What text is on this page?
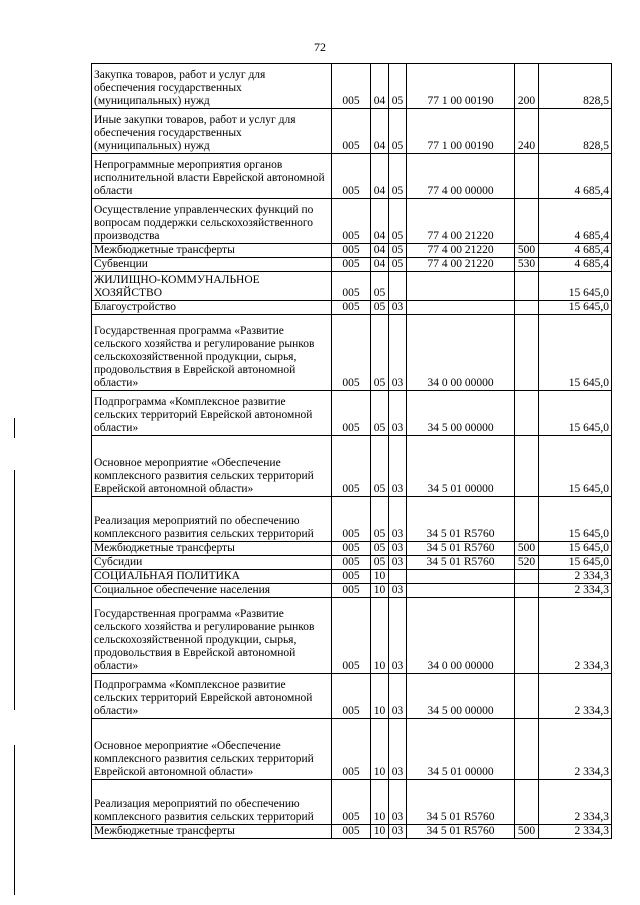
72
Закупка товаров, работ и услуг для обеспечения государственных (муниципальных) нужд	005	04	05	77 1 00 00190	200	828,5
Иные закупки товаров, работ и услуг для обеспечения государственных (муниципальных) нужд	005	04	05	77 1 00 00190	240	828,5
Непрограммные мероприятия органов исполнительной власти Еврейской автономной области	005	04	05	77 4 00 00000		4 685,4
Осуществление управленческих функций по вопросам поддержки сельскохозяйственного производства	005	04	05	77 4 00 21220		4 685,4
Межбюджетные трансферты	005	04	05	77 4 00 21220	500	4 685,4
Субвенции	005	04	05	77 4 00 21220	530	4 685,4
ЖИЛИЩНО-КОММУНАЛЬНОЕ ХОЗЯЙСТВО	005	05				15 645,0
Благоустройство	005	05	03			15 645,0
Государственная программа «Развитие сельского хозяйства и регулирование рынков сельскохозяйственной продукции, сырья, продовольствия в Еврейской автономной области»	005	05	03	34 0 00 00000		15 645,0
Подпрограмма «Комплексное развитие сельских территорий Еврейской автономной области»	005	05	03	34 5 00 00000		15 645,0
Основное мероприятие «Обеспечение комплексного развития сельских территорий Еврейской автономной области»	005	05	03	34 5 01 00000		15 645,0
Реализация мероприятий по обеспечению комплексного развития сельских территорий	005	05	03	34 5 01 R5760		15 645,0
Межбюджетные трансферты	005	05	03	34 5 01 R5760	500	15 645,0
Субсидии	005	05	03	34 5 01 R5760	520	15 645,0
СОЦИАЛЬНАЯ ПОЛИТИКА	005	10				2 334,3
Социальное обеспечение населения	005	10	03			2 334,3
Государственная программа «Развитие сельского хозяйства и регулирование рынков сельскохозяйственной продукции, сырья, продовольствия в Еврейской автономной области»	005	10	03	34 0 00 00000		2 334,3
Подпрограмма «Комплексное развитие сельских территорий Еврейской автономной области»	005	10	03	34 5 00 00000		2 334,3
Основное мероприятие «Обеспечение комплексного развития сельских территорий Еврейской автономной области»	005	10	03	34 5 01 00000		2 334,3
Реализация мероприятий по обеспечению комплексного развития сельских территорий	005	10	03	34 5 01 R5760		2 334,3
Межбюджетные трансферты	005	10	03	34 5 01 R5760	500	2 334,3
